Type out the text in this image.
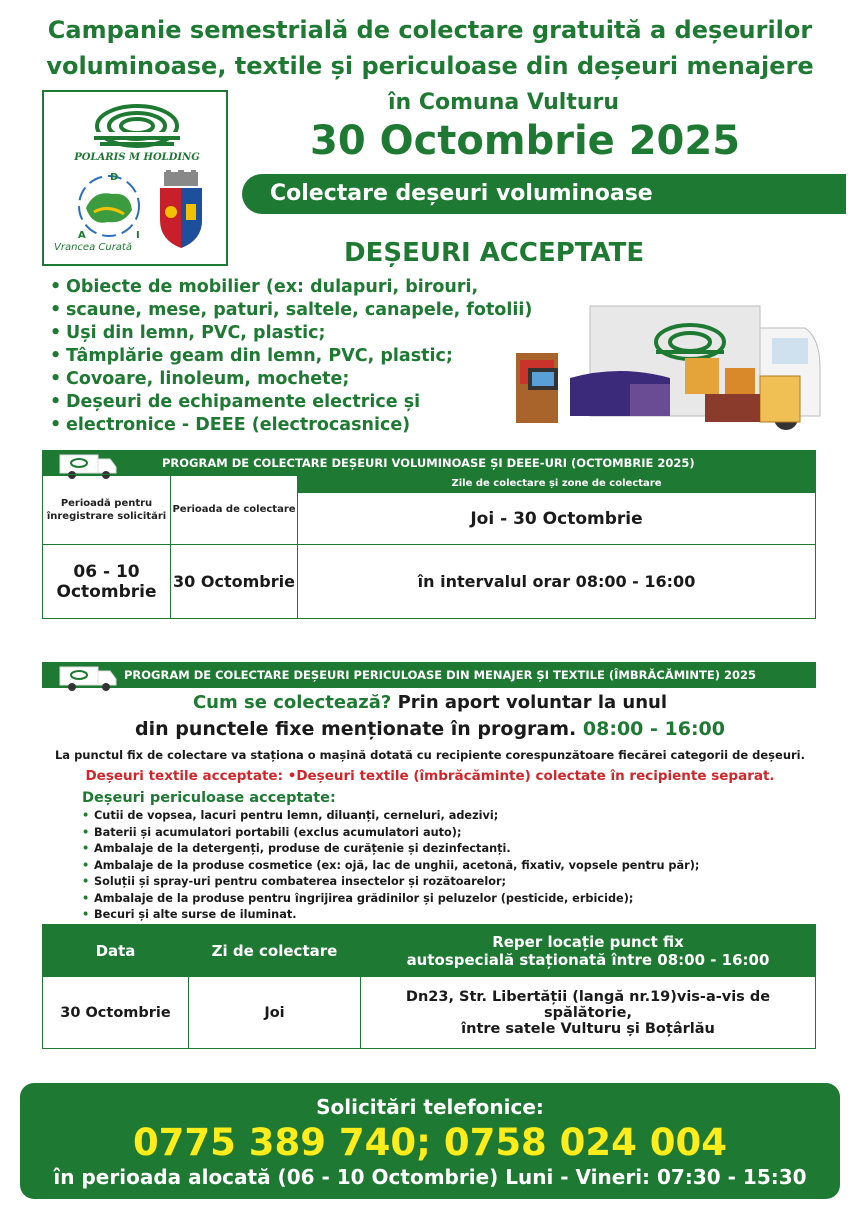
Campanie semestrială de colectare gratuită a deșeurilor
voluminoase, textile și periculoase din deșeuri menajere
în Comuna Vulturu
30 Octombrie 2025
POLARIS M HOLDING
D
A	I
Vrancea Curată
Colectare deșeuri voluminoase
DEȘEURI ACCEPTATE
• Obiecte de mobilier (ex: dulapuri, birouri,
• scaune, mese, paturi, saltele, canapele, fotolii)
• Uși din lemn, PVC, plastic;
• Tâmplărie geam din lemn, PVC, plastic;
• Covoare, linoleum, mochete;
• Deșeuri de echipamente electrice și
• electronice - DEEE (electrocasnice)
PROGRAM DE COLECTARE DEȘEURI VOLUMINOASE ȘI DEEE-URI (OCTOMBRIE 2025)
Perioadă pentru înregistrare solicitări	Perioada de colectare	Zile de colectare și zone de colectare
		Joi - 30 Octombrie
06 - 10 Octombrie	30 Octombrie	în intervalul orar 08:00 - 16:00
PROGRAM DE COLECTARE DEȘEURI PERICULOASE DIN MENAJER ȘI TEXTILE (ÎMBRĂCĂMINTE) 2025
Cum se colectează? Prin aport voluntar la unul
din punctele fixe menționate în program. 08:00 - 16:00
La punctul fix de colectare va staționa o mașină dotată cu recipiente corespunzătoare fiecărei categorii de deșeuri.
Deșeuri textile acceptate: •Deșeuri textile (îmbrăcăminte) colectate în recipiente separat.
Deșeuri periculoase acceptate:
• Cutii de vopsea, lacuri pentru lemn, diluanți, cerneluri, adezivi;
• Baterii și acumulatori portabili (exclus acumulatori auto);
• Ambalaje de la detergenți, produse de curățenie și dezinfectanți.
• Ambalaje de la produse cosmetice (ex: ojă, lac de unghii, acetonă, fixativ, vopsele pentru păr);
• Soluții și spray-uri pentru combaterea insectelor și rozătoarelor;
• Ambalaje de la produse pentru îngrijirea grădinilor și peluzelor (pesticide, erbicide);
• Becuri și alte surse de iluminat.
Data	Zi de colectare	Reper locație punct fix
autospecială staționată între 08:00 - 16:00

30 Octombrie	Joi	Dn23, Str. Libertății (langă nr.19)vis-a-vis de spălătorie,
între satele Vulturu și Boțârlău
Solicitări telefonice:
0775 389 740; 0758 024 004
în perioada alocată (06 - 10 Octombrie) Luni - Vineri: 07:30 - 15:30
